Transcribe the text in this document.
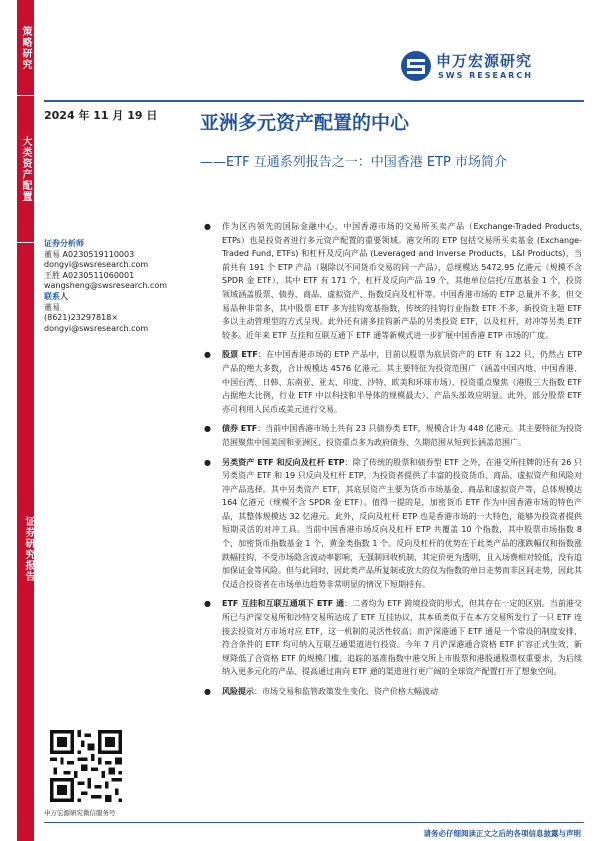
策略研究
大类资产配置
证券研究报告
申万宏源研究
SWS RESEARCH
2024 年 11 月 19 日 亚洲多元资产配置的中心
——ETF 互通系列报告之一：中国香港 ETP 市场简介
证券分析师
董易 A0230519110003
dongyi@swsresearch.com
王胜 A0230511060001
wangsheng@swsresearch.com
联系人
董易
(8621)23297818×
dongyi@swsresearch.com
● 作为区内领先的国际金融中心，中国香港市场的交易所买卖产品（Exchange-Traded Products, ETPs）也是投资者进行多元资产配置的重要领域。港交所的 ETP 包括交易所买卖基金 (Exchange-Traded Fund, ETFs) 和杠杆及反向产品 (Leveraged and Inverse Products，L&I Products)，当前共有 191 个 ETP 产品（剔除以不同货币交易的同一产品），总规模达 5472.95 亿港元（规模不含 SPDR 金 ETF），其中 ETF 有 171 个，杠杆及反向产品 19 个，其他单位信托/互惠基金 1 个，投资领域涵盖股票、债券、商品、虚拟资产、指数反向及杠杆等。中国香港市场的 ETP 总量并不多，但交易品种非常多，其中股票 ETF 多为挂钩宽基指数，传统的挂钩行业指数 ETF 不多，新投资主题 ETF 多以主动管理型的方式呈现。此外还有诸多挂钩新产品的另类投资 ETF，以及杠杆、对冲等另类 ETF 较多。近年来 ETF 互挂和互联互通下 ETF 通等新模式进一步扩展中国香港 ETP 市场的广度。
● 股票 ETF：在中国香港市场的 ETP 产品中，目前以股票为底层资产的 ETF 有 122 只，仍然占 ETP 产品的绝大多数，合计规模达 4576 亿港元。其主要特征为投资范围广（涵盖中国内地、中国香港、中国台湾、日韩、东南亚、亚太、印度、沙特、欧美和环球市场）、投资重点聚焦（港股三大指数 ETF 占据绝大比例，行业 ETF 中以科技和半导体的规模最大）、产品头部效应明显。此外，部分股票 ETF 亦可利用人民币或美元进行交易。
● 债券 ETF：当前中国香港市场上共有 23 只债券类 ETF，规模合计为 448 亿港元。其主要特征为投资范围聚焦中国美国和亚洲区、投资重点多为政府债券、久期范围从短到长涵盖范围广。
● 另类资产 ETF 和反向及杠杆 ETP：除了传统的股票和债券型 ETF 之外，在港交所挂牌的还有 26 只另类资产 ETF 和 19 只反向及杠杆 ETP，为投资者提供了丰富的投资货币、商品、虚拟资产和风险对冲产品选择。其中另类资产 ETF，其底层资产主要为货币市场基金、商品和虚拟资产等，总体规模达 164 亿港元（规模不含 SPDR 金 ETF）。值得一提的是，加密货币 ETF 作为中国香港市场的特色产品，其整体规模达 32 亿港元。此外，反向及杠杆 ETP 也是香港市场的一大特色，能够为投资者提供短期灵活的对冲工具。当前中国香港市场反向及杠杆 ETP 共覆盖 10 个指数，其中股票市场指数 8 个，加密货币指数基金 1 个，黄金类指数 1 个。反向及杠杆的优势在于此类产品的涨跌幅仅和指数涨跌幅挂钩，不受市场隐含波动率影响，无强制回收机制，其定价更为透明，且入场费相对较低，没有追加保证金等风险。但与此同时，因此类产品所复制或放大的仅为指数的单日走势而非区间走势，因此其仅适合投资者在市场单边趋势非常明显的情况下短期持有。
● ETF 互挂和互联互通项下 ETF 通：二者均为 ETF 跨境投资的形式，但其存在一定的区别。当前港交所已与沪深交易所和沙特交易所达成了 ETF 互挂协议，其本质类似于在本方交易所发行了一只 ETF 连接去投资对方市场对应 ETF，这一机制的灵活性较高；而沪深港通下 ETF 通是一个常设的制度安排，符合条件的 ETF 均可纳入互联互通渠道进行投资。今年 7 月沪深港通合资格 ETF 扩容正式生效，新规降低了合资格 ETF 的规模门槛、追踪的基准指数中港交所上市股票和港股通股票权重要求，为后续纳入更多元化的产品、提高通过南向 ETF 通的渠道进行更广阔的全球资产配置打开了想象空间。
● 风险提示：市场交易和监管政策发生变化、资产价格大幅波动
申万宏源研究微信服务号
请务必仔细阅读正文之后的各项信息披露与声明
